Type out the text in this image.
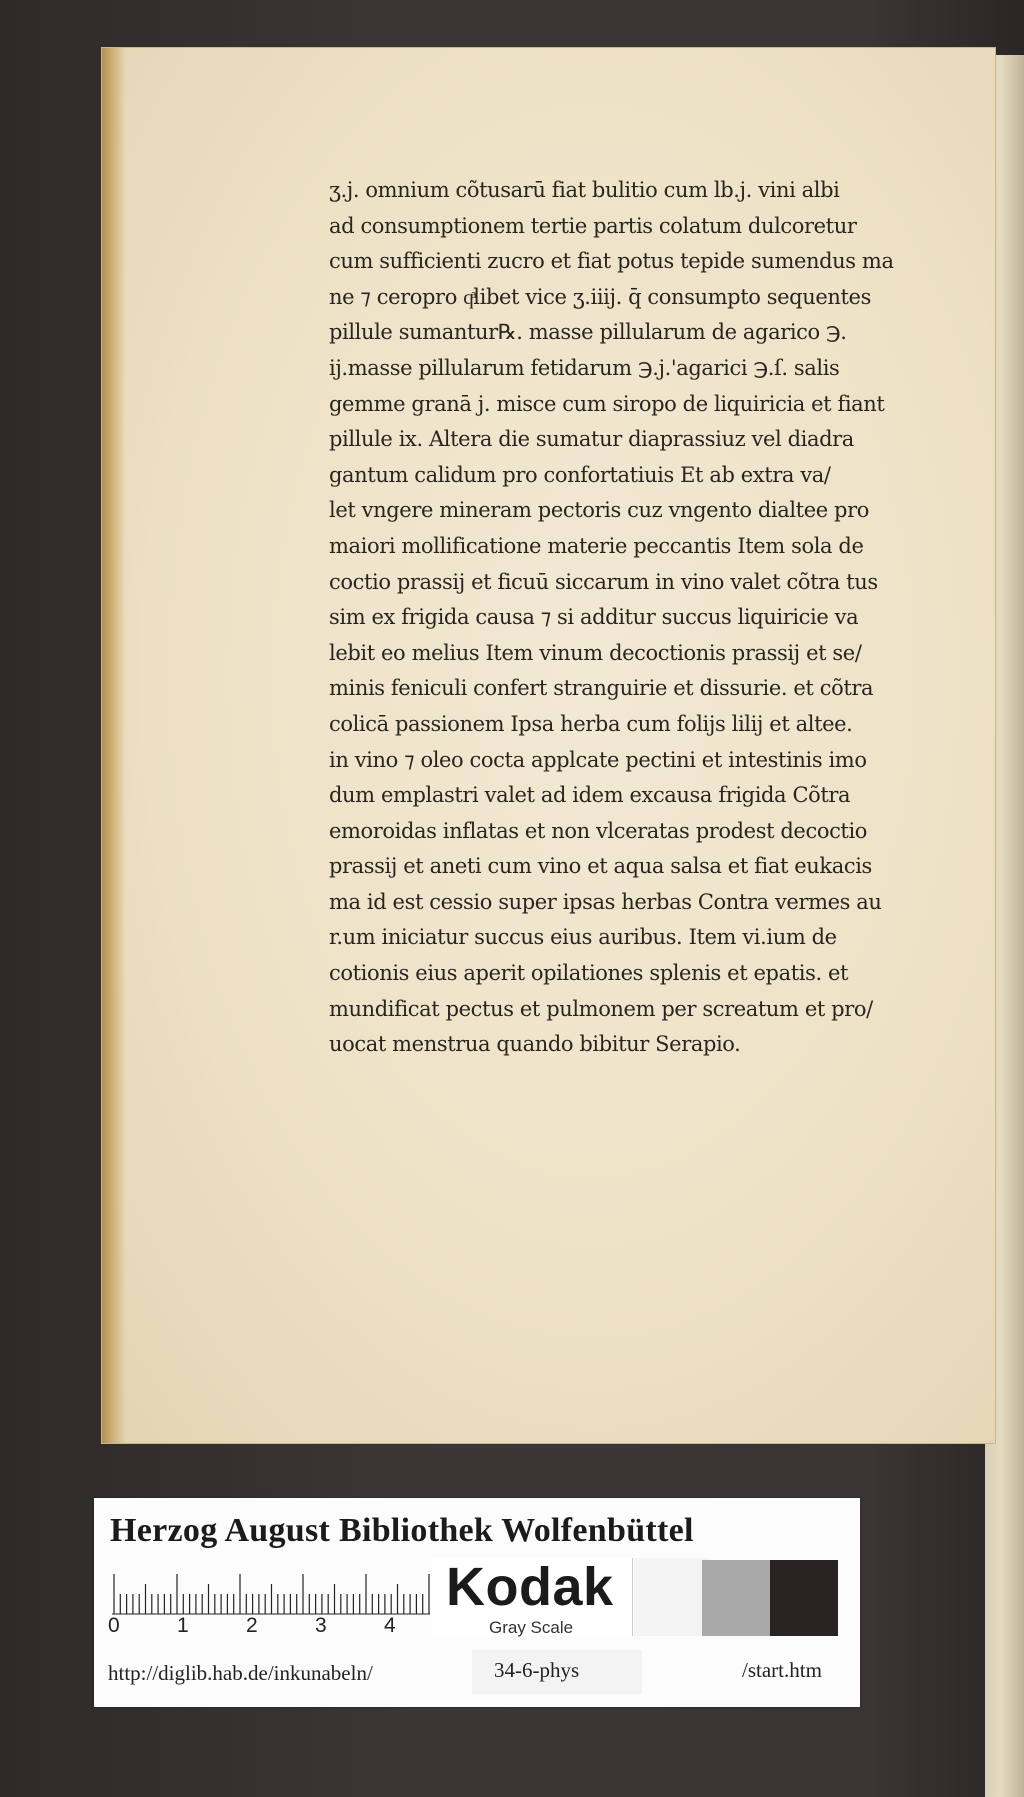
ʒ.j. omnium cõtusarū fiat bulitio cum lb.j. vini albi
ad consumptionem tertie partis colatum dulcoretur
cum sufficienti zucro et fiat potus tepide sumendus ma
ne ⁊ ceropro qͣlibet vice ʒ.iiij. q̄ consumpto sequentes
pillule sumantur℞. masse pillularum de agarico ℈.
ij.masse pillularum fetidarum ℈.j.'agarici ℈.ſ. salis
gemme granā j. misce cum siropo de liquiricia et fiant
pillule ix. Altera die sumatur diaprassiuz vel diadra
gantum calidum pro confortatiuis Et ab extra va/
let vngere mineram pectoris cuz vngento dialtee pro
maiori mollificatione materie peccantis Item sola de
coctio prassij et ficuū siccarum in vino valet cõtra tus
sim ex frigida causa ⁊ si additur succus liquiricie va
lebit eo melius Item vinum decoctionis prassij et se/
minis feniculi confert stranguirie et dissurie. et cõtra
colicā passionem Ipsa herba cum folijs lilij et altee.
in vino ⁊ oleo cocta applcate pectini et intestinis imo
dum emplastri valet ad idem excausa frigida Cõtra
emoroidas inflatas et non vlceratas prodest decoctio
prassij et aneti cum vino et aqua salsa et fiat eukacis
ma id est cessio super ipsas herbas Contra vermes au
r.um iniciatur succus eius auribus. Item vi.ium de
cotionis eius aperit opilationes splenis et epatis. et
mundificat pectus et pulmonem per screatum et pro/
uocat menstrua quando bibitur Serapio.
Herzog August Bibliothek Wolfenbüttel
0	1	2	3	4
Kodak
Gray Scale
http://diglib.hab.de/inkunabeln/	34-6-phys	/start.htm
